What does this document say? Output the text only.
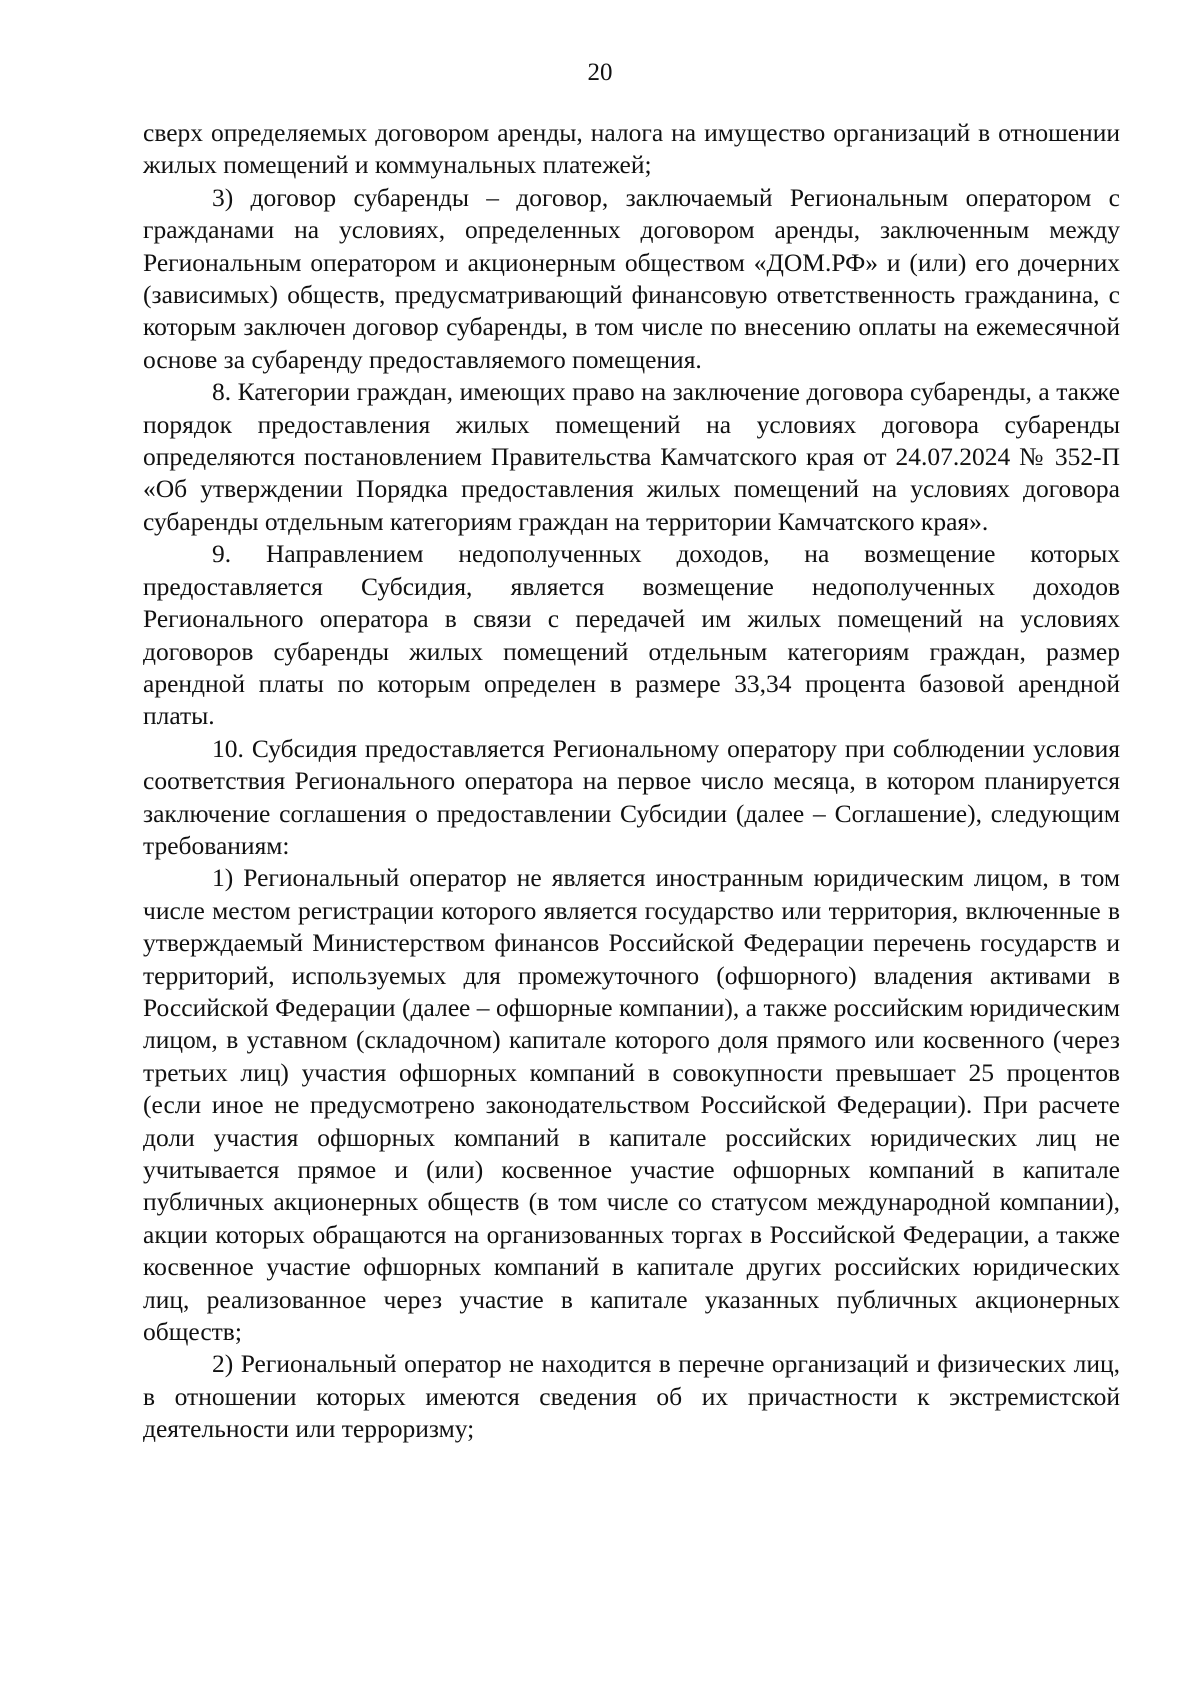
20

сверх определяемых договором аренды, налога на имущество организаций в отношении жилых помещений и коммунальных платежей;

3) договор субаренды – договор, заключаемый Региональным оператором с гражданами на условиях, определенных договором аренды, заключенным между Региональным оператором и акционерным обществом «ДОМ.РФ» и (или) его дочерних (зависимых) обществ, предусматривающий финансовую ответственность гражданина, с которым заключен договор субаренды, в том числе по внесению оплаты на ежемесячной основе за субаренду предоставляемого помещения.

8. Категории граждан, имеющих право на заключение договора субаренды, а также порядок предоставления жилых помещений на условиях договора субаренды определяются постановлением Правительства Камчатского края от 24.07.2024 № 352-П «Об утверждении Порядка предоставления жилых помещений на условиях договора субаренды отдельным категориям граждан на территории Камчатского края».

9. Направлением недополученных доходов, на возмещение которых предоставляется Субсидия, является возмещение недополученных доходов Регионального оператора в связи с передачей им жилых помещений на условиях договоров субаренды жилых помещений отдельным категориям граждан, размер арендной платы по которым определен в размере 33,34 процента базовой арендной платы.

10. Субсидия предоставляется Региональному оператору при соблюдении условия соответствия Регионального оператора на первое число месяца, в котором планируется заключение соглашения о предоставлении Субсидии (далее – Соглашение), следующим требованиям:

1) Региональный оператор не является иностранным юридическим лицом, в том числе местом регистрации которого является государство или территория, включенные в утверждаемый Министерством финансов Российской Федерации перечень государств и территорий, используемых для промежуточного (офшорного) владения активами в Российской Федерации (далее – офшорные компании), а также российским юридическим лицом, в уставном (складочном) капитале которого доля прямого или косвенного (через третьих лиц) участия офшорных компаний в совокупности превышает 25 процентов (если иное не предусмотрено законодательством Российской Федерации). При расчете доли участия офшорных компаний в капитале российских юридических лиц не учитывается прямое и (или) косвенное участие офшорных компаний в капитале публичных акционерных обществ (в том числе со статусом международной компании), акции которых обращаются на организованных торгах в Российской Федерации, а также косвенное участие офшорных компаний в капитале других российских юридических лиц, реализованное через участие в капитале указанных публичных акционерных обществ;

2) Региональный оператор не находится в перечне организаций и физических лиц, в отношении которых имеются сведения об их причастности к экстремистской деятельности или терроризму;
